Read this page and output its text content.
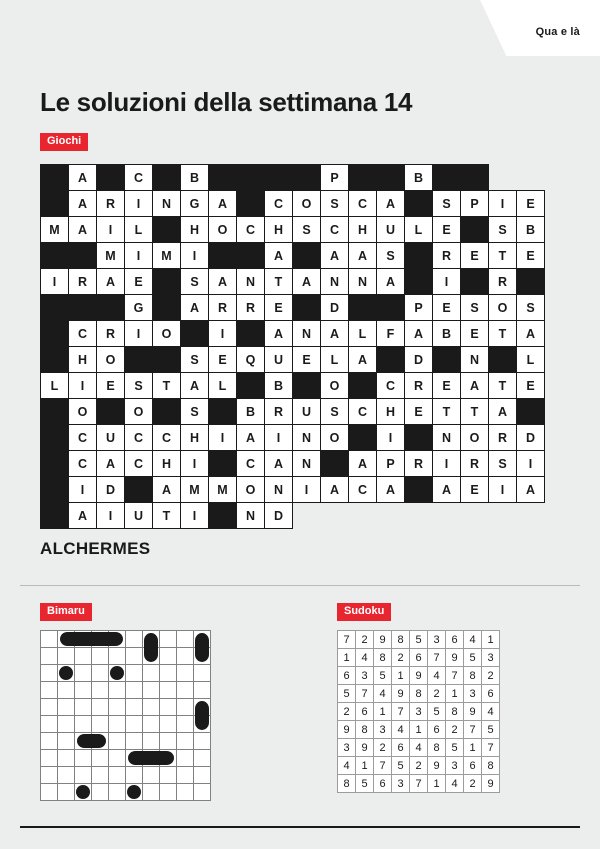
Qua e là
Le soluzioni della settimana 14
Giochi
	A		C		B					P			B				
	A	R	I	N	G	A		C	O	S	C	A		S	P	I	E
M	A	I	L		H	O	C	H	S	C	H	U	L	E		S	B
		M	I	M	I			A		A	A	S		R	E	T	E
I	R	A	E		S	A	N	T	A	N	N	A		I		R	
			G		A	R	R	E		D			P	E	S	O	S
	C	R	I	O		I		A	N	A	L	F	A	B	E	T	A
	H	O			S	E	Q	U	E	L	A		D		N		L
L	I	E	S	T	A	L		B		O		C	R	E	A	T	E
	O		O		S		B	R	U	S	C	H	E	T	T	A	
	C	U	C	C	H	I	A	I	N	O		I		N	O	R	D
	C	A	C	H	I		C	A	N		A	P	R	I	R	S	I
	I	D		A	M	M	O	N	I	A	C	A		A	E	I	A
	A	I	U	T	I		N	D									
ALCHERMES
Bimaru

					Sudoku
7	2	9	8	5	3	6	4	1
1	4	8	2	6	7	9	5	3
6	3	5	1	9	4	7	8	2
5	7	4	9	8	2	1	3	6
2	6	1	7	3	5	8	9	4
9	8	3	4	1	6	2	7	5
3	9	2	6	4	8	5	1	7
4	1	7	5	2	9	3	6	8
8	5	6	3	7	1	4	2	9
